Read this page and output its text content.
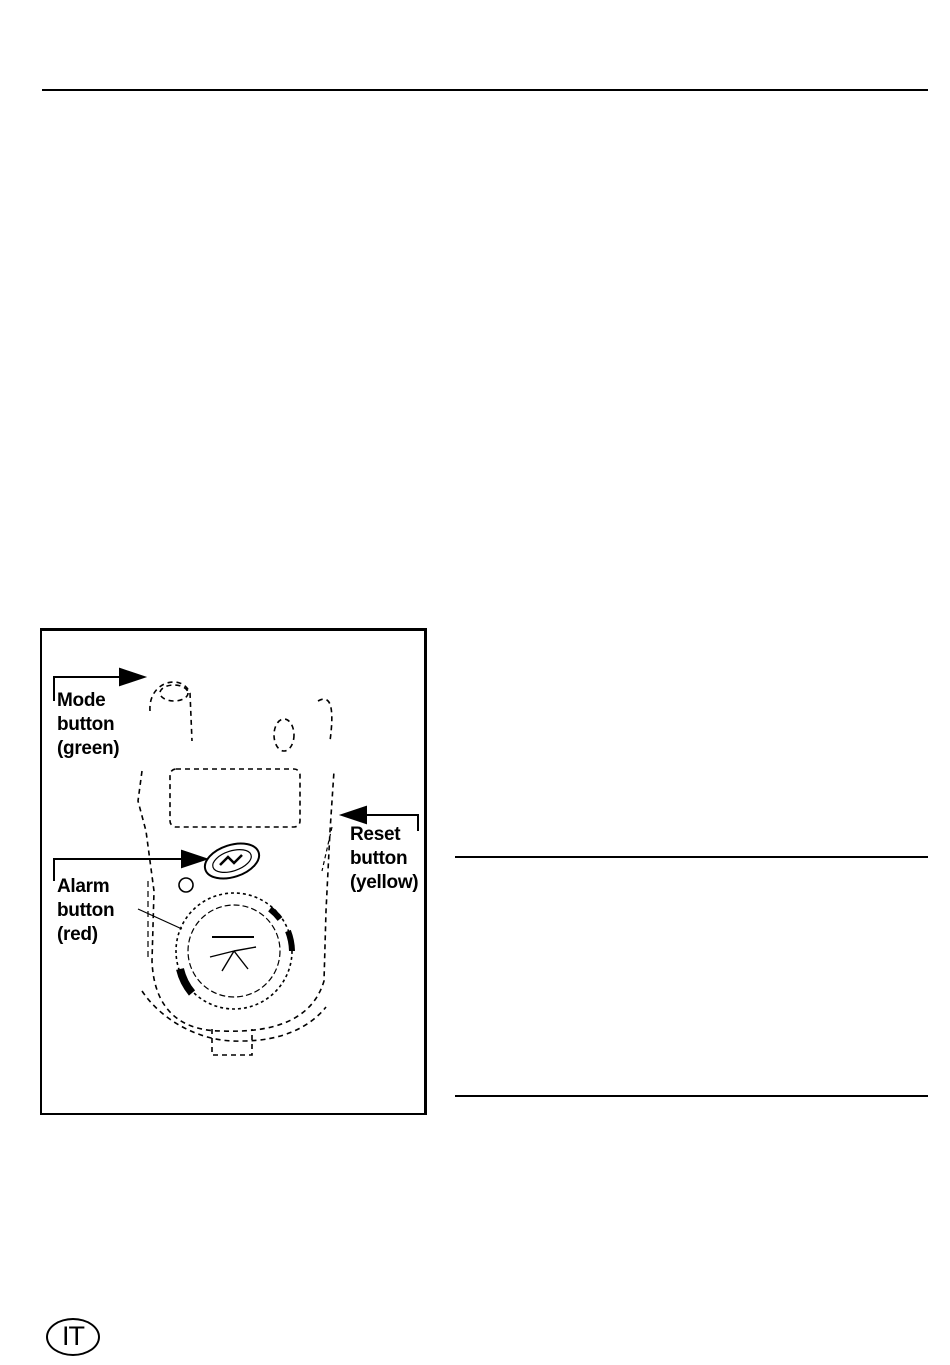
Mode
button
(green)
Alarm
button
(red)
Reset
button
(yellow)
IT
